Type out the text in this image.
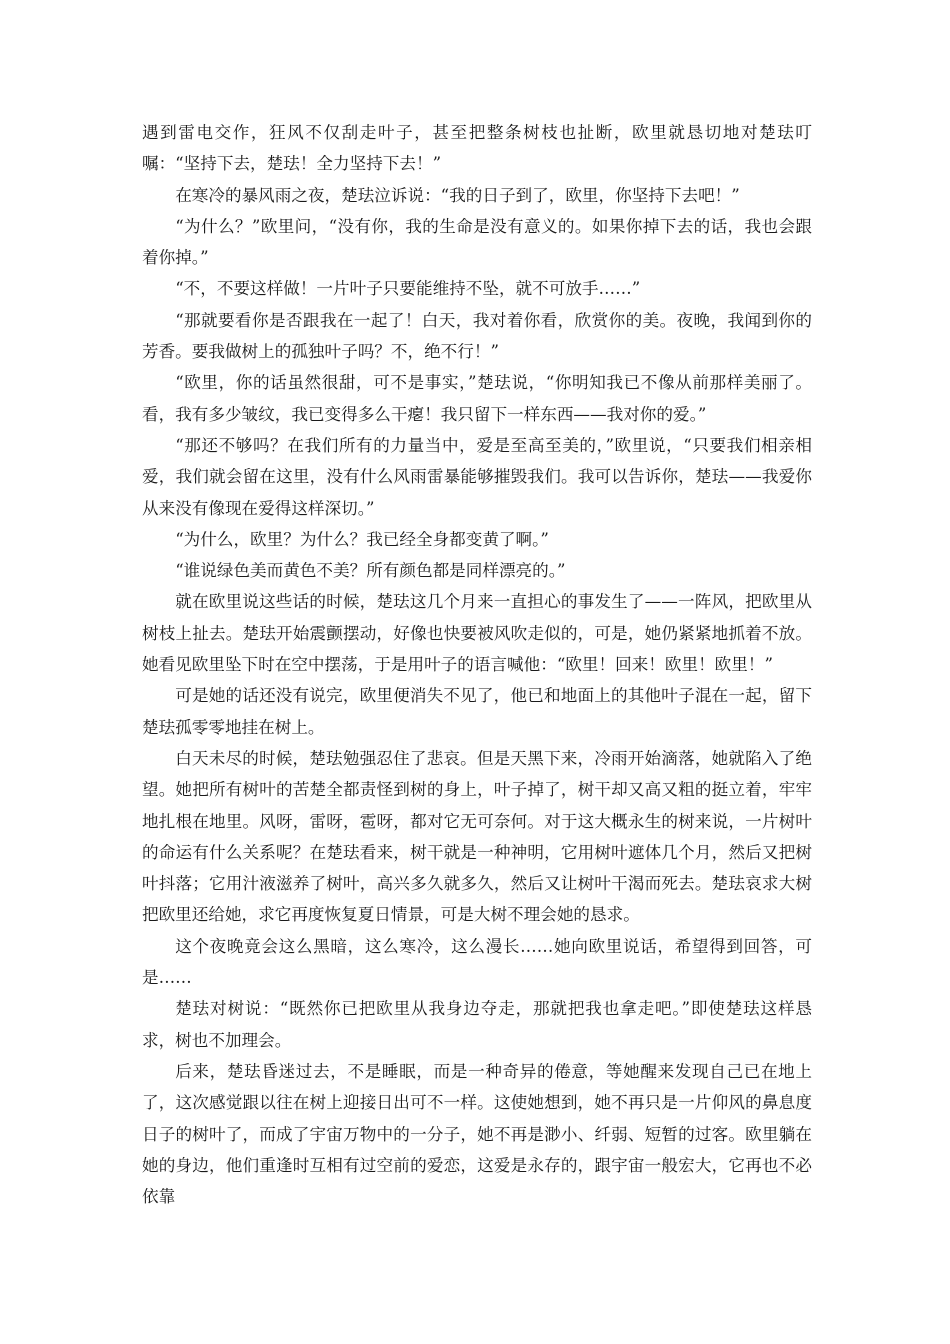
遇到雷电交作，狂风不仅刮走叶子，甚至把整条树枝也扯断，欧里就恳切地对楚珐叮嘱：“坚持下去，楚珐！全力坚持下去！”

在寒冷的暴风雨之夜，楚珐泣诉说：“我的日子到了，欧里，你坚持下去吧！”

“为什么？”欧里问，“没有你，我的生命是没有意义的。如果你掉下去的话，我也会跟着你掉。”

“不，不要这样做！一片叶子只要能维持不坠，就不可放手……”

“那就要看你是否跟我在一起了！白天，我对着你看，欣赏你的美。夜晚，我闻到你的芳香。要我做树上的孤独叶子吗？不，绝不行！”

“欧里，你的话虽然很甜，可不是事实，”楚珐说，“你明知我已不像从前那样美丽了。看，我有多少皱纹，我已变得多么干瘪！我只留下一样东西——我对你的爱。”

“那还不够吗？在我们所有的力量当中，爱是至高至美的，”欧里说，“只要我们相亲相爱，我们就会留在这里，没有什么风雨雷暴能够摧毁我们。我可以告诉你，楚珐——我爱你从来没有像现在爱得这样深切。”

“为什么，欧里？为什么？我已经全身都变黄了啊。”

“谁说绿色美而黄色不美？所有颜色都是同样漂亮的。”

就在欧里说这些话的时候，楚珐这几个月来一直担心的事发生了——一阵风，把欧里从树枝上扯去。楚珐开始震颤摆动，好像也快要被风吹走似的，可是，她仍紧紧地抓着不放。她看见欧里坠下时在空中摆荡，于是用叶子的语言喊他：“欧里！回来！欧里！欧里！”

可是她的话还没有说完，欧里便消失不见了，他已和地面上的其他叶子混在一起，留下楚珐孤零零地挂在树上。

白天未尽的时候，楚珐勉强忍住了悲哀。但是天黑下来，冷雨开始滴落，她就陷入了绝望。她把所有树叶的苦楚全都责怪到树的身上，叶子掉了，树干却又高又粗的挺立着，牢牢地扎根在地里。风呀，雷呀，雹呀，都对它无可奈何。对于这大概永生的树来说，一片树叶的命运有什么关系呢？在楚珐看来，树干就是一种神明，它用树叶遮体几个月，然后又把树叶抖落；它用汁液滋养了树叶，高兴多久就多久，然后又让树叶干渴而死去。楚珐哀求大树把欧里还给她，求它再度恢复夏日情景，可是大树不理会她的恳求。

这个夜晚竟会这么黑暗，这么寒冷，这么漫长……她向欧里说话，希望得到回答，可是……

楚珐对树说：“既然你已把欧里从我身边夺走，那就把我也拿走吧。”即使楚珐这样恳求，树也不加理会。

后来，楚珐昏迷过去，不是睡眠，而是一种奇异的倦意，等她醒来发现自己已在地上了，这次感觉跟以往在树上迎接日出可不一样。这使她想到，她不再只是一片仰风的鼻息度日子的树叶了，而成了宇宙万物中的一分子，她不再是渺小、纤弱、短暂的过客。欧里躺在她的身边，他们重逢时互相有过空前的爱恋，这爱是永存的，跟宇宙一般宏大，它再也不必依靠
